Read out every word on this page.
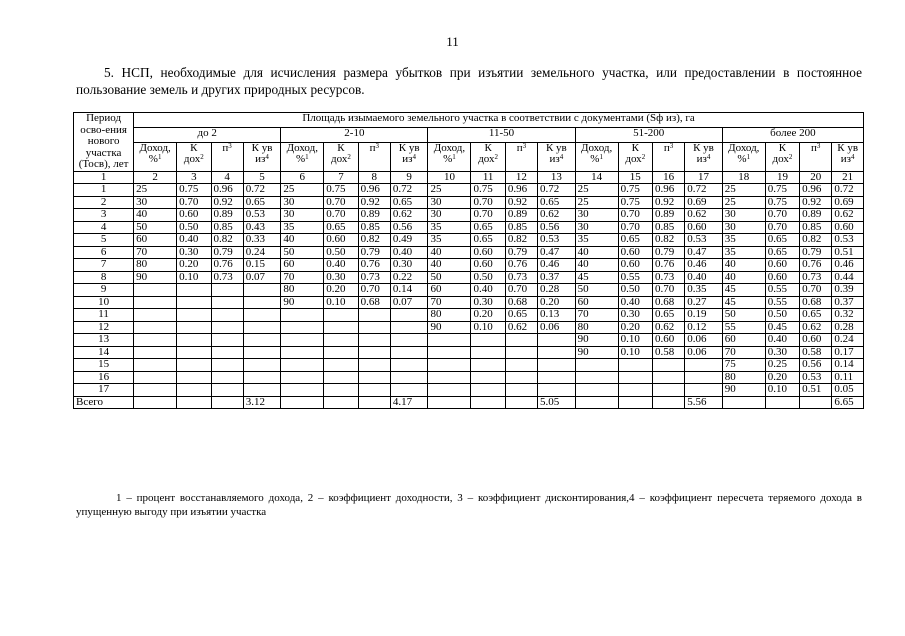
11
5. НСП, необходимые для исчисления размера убытков при изъятии земельного участка, или предоставлении в постоянное пользование земель и других природных ресурсов.
Период осво-ения нового участка (Тосв), лет	Площадь изымаемого земельного участка в соответствии с документами (Sф из), га																			
	до 2				2-10				11-50				51-200				более 200			
	Доход, %$^1$	К дох$^2$	$п^3$	К ув $из^4$	Доход, %$^1$	К дох$^2$	$п^3$	К ув $из^4$	Доход, %$^1$	К дох$^2$	$п^3$	К ув $из^4$	Доход, %$^1$	К дох$^2$	$п^3$	К ув $из^4$	Доход, %$^1$	К дох$^2$	$п^3$	К ув $из^4$
1	2	3	4	5	6	7	8	9	10	11	12	13	14	15	16	17	18	19	20	21
1	25	0.75	0.96	0.72	25	0.75	0.96	0.72	25	0.75	0.96	0.72	25	0.75	0.96	0.72	25	0.75	0.96	0.72
2	30	0.70	0.92	0.65	30	0.70	0.92	0.65	30	0.70	0.92	0.65	25	0.75	0.92	0.69	25	0.75	0.92	0.69
3	40	0.60	0.89	0.53	30	0.70	0.89	0.62	30	0.70	0.89	0.62	30	0.70	0.89	0.62	30	0.70	0.89	0.62
4	50	0.50	0.85	0.43	35	0.65	0.85	0.56	35	0.65	0.85	0.56	30	0.70	0.85	0.60	30	0.70	0.85	0.60
5	60	0.40	0.82	0.33	40	0.60	0.82	0.49	35	0.65	0.82	0.53	35	0.65	0.82	0.53	35	0.65	0.82	0.53
6	70	0.30	0.79	0.24	50	0.50	0.79	0.40	40	0.60	0.79	0.47	40	0.60	0.79	0.47	35	0.65	0.79	0.51
7	80	0.20	0.76	0.15	60	0.40	0.76	0.30	40	0.60	0.76	0.46	40	0.60	0.76	0.46	40	0.60	0.76	0.46
8	90	0.10	0.73	0.07	70	0.30	0.73	0.22	50	0.50	0.73	0.37	45	0.55	0.73	0.40	40	0.60	0.73	0.44
9					80	0.20	0.70	0.14	60	0.40	0.70	0.28	50	0.50	0.70	0.35	45	0.55	0.70	0.39
10					90	0.10	0.68	0.07	70	0.30	0.68	0.20	60	0.40	0.68	0.27	45	0.55	0.68	0.37
11									80	0.20	0.65	0.13	70	0.30	0.65	0.19	50	0.50	0.65	0.32
12									90	0.10	0.62	0.06	80	0.20	0.62	0.12	55	0.45	0.62	0.28
13													90	0.10	0.60	0.06	60	0.40	0.60	0.24
14													90	0.10	0.58	0.06	70	0.30	0.58	0.17
15																	75	0.25	0.56	0.14
16																	80	0.20	0.53	0.11
17																	90	0.10	0.51	0.05
Всего				3.12				4.17				5.05				5.56				6.65
1 – процент восстанавляемого дохода, 2 – коэффициент доходности, 3 – коэффициент дисконтирования,4 – коэффициент пересчета теряемого дохода в упущенную выгоду при изъятии участка
